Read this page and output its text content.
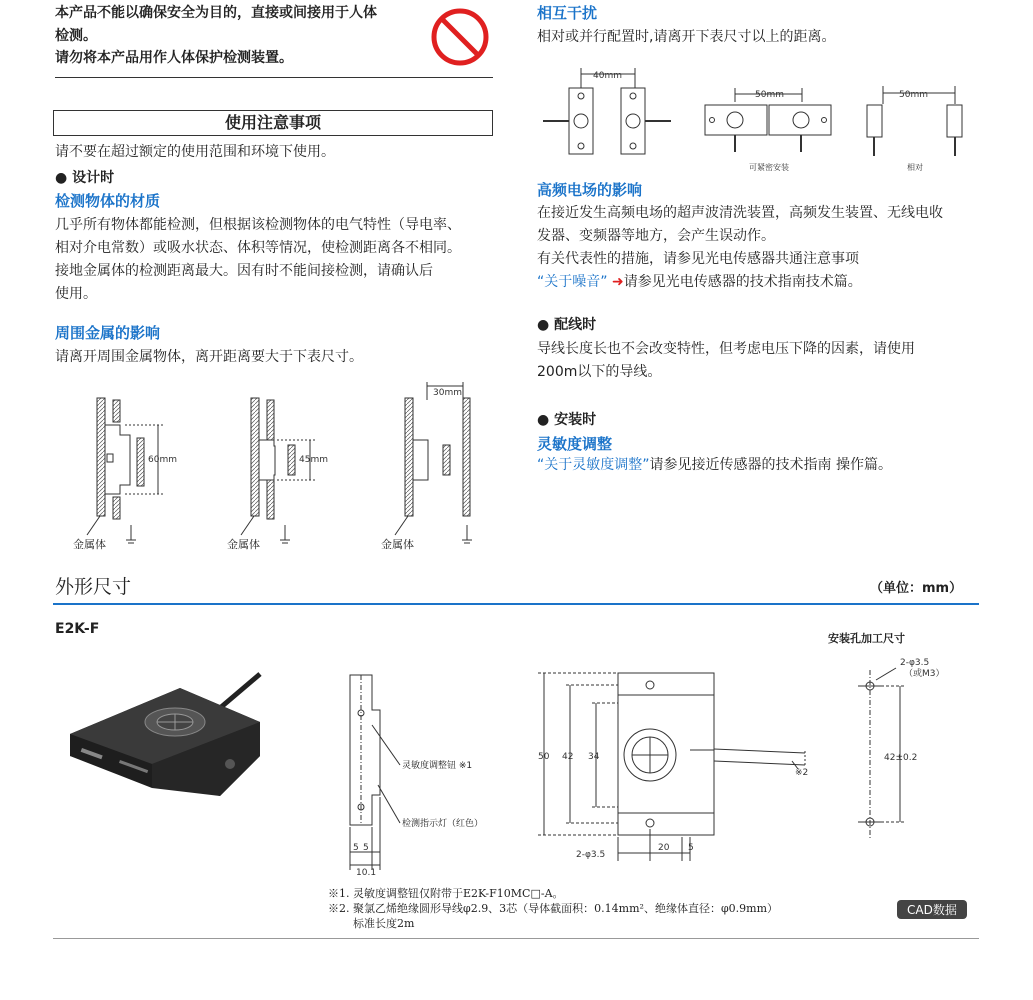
本产品不能以确保安全为目的，直接或间接用于人体
检测。
请勿将本产品用作人体保护检测装置。
使用注意事项
请不要在超过额定的使用范围和环境下使用。
● 设计时
检测物体的材质
几乎所有物体都能检测，但根据该检测物体的电气特性（导电率、
相对介电常数）或吸水状态、体积等情况，使检测距离各不相同。
接地金属体的检测距离最大。因有时不能间接检测，请确认后
使用。
周围金属的影响
请离开周围金属物体，离开距离要大于下表尺寸。
60mm
金属体
45mm
金属体
30mm
金属体
相互干扰
相对或并行配置时,请离开下表尺寸以上的距离。
40mm
50mm
可紧密安装
50mm
相对
高频电场的影响
在接近发生高频电场的超声波清洗装置，高频发生装置、无线电收
发器、变频器等地方，会产生误动作。
有关代表性的措施，请参见光电传感器共通注意事项
“关于噪音” ➜请参见光电传感器的技术指南技术篇。
● 配线时
导线长度长也不会改变特性，但考虑电压下降的因素，请使用
200m以下的导线。
● 安装时
灵敏度调整
“关于灵敏度调整”请参见接近传感器的技术指南 操作篇。
外形尺寸	（单位：mm）
E2K-F
安装孔加工尺寸
灵敏度调整钮 ※1
检测指示灯（红色）
5 5
10.1
50 42 34
※2
2-φ3.5
20 5
2-φ3.5
（或M3）
42±0.2
※1. 灵敏度调整钮仅附带于E2K-F10MC□-A。
※2. 聚氯乙烯绝缘圆形导线φ2.9、3芯（导体截面积：0.14mm²、绝缘体直径：φ0.9mm）
标准长度2m
CAD数据
